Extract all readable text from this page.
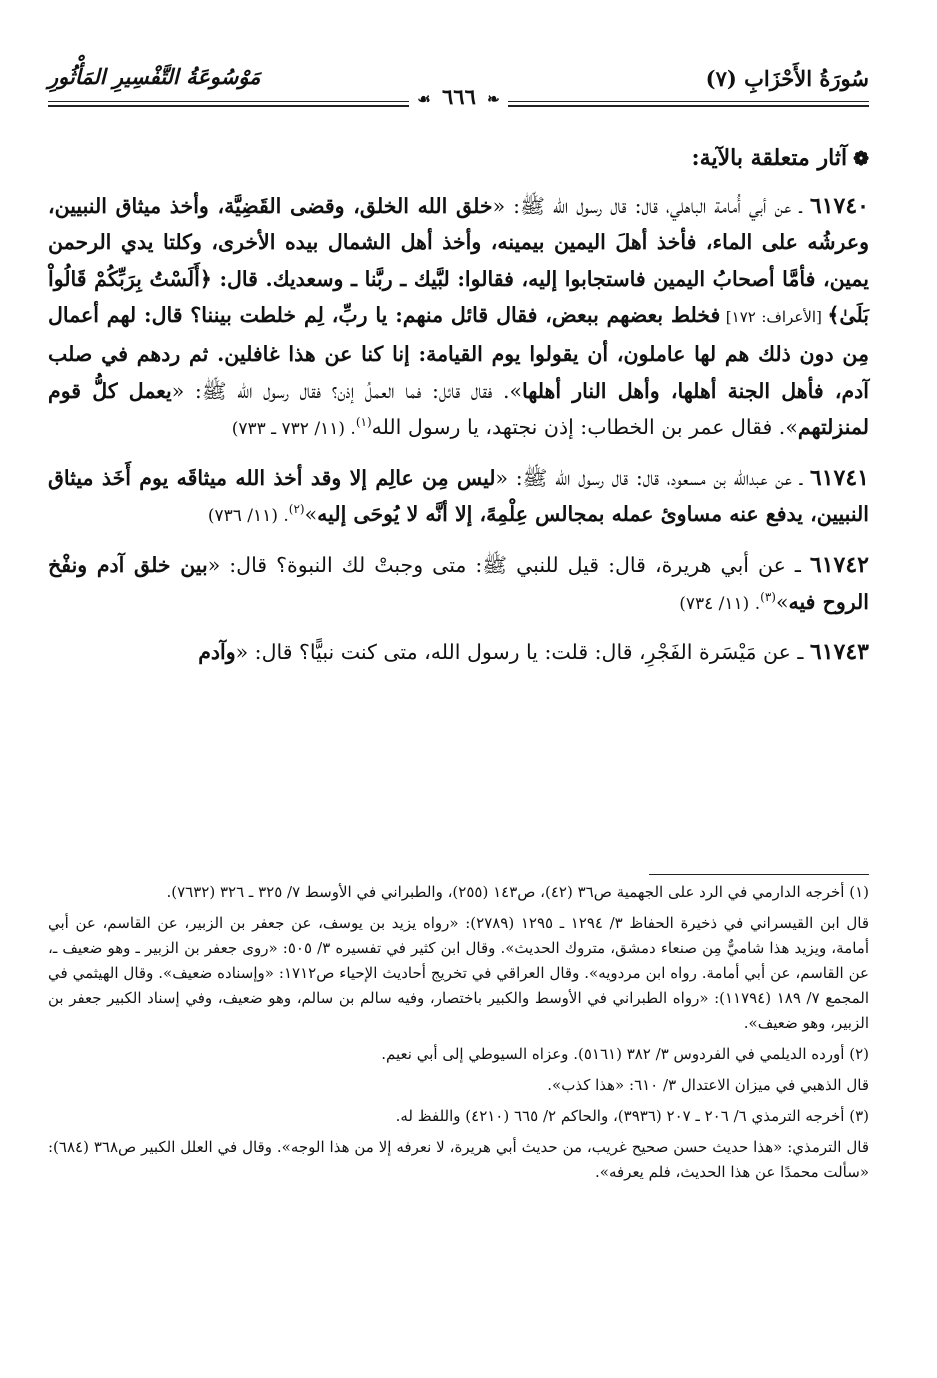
سُورَةُ الأَحْزَابِ (٧)
مَوْسُوعَةُ التَّفْسِيرِ المَأْثُورِ
❧ ٦٦٦ ☙
❁آثار متعلقة بالآية:

٦١٧٤٠ ـ عن أبي أُمامة الباهلي، قال: قال رسول الله ﷺ: «خلق الله الخلق، وقضى القَضِيَّة، وأخذ ميثاق النبيين، وعرشُه على الماء، فأخذ أهلَ اليمين بيمينه، وأخذ أهل الشمال بيده الأخرى، وكلتا يدي الرحمن يمين، فأمَّا أصحابُ اليمين فاستجابوا إليه، فقالوا: لبَّيك ـ ربَّنا ـ وسعديك. قال: ﴿أَلَسْتُ بِرَبِّكُمْ قَالُواْ بَلَىٰ﴾ [الأعراف: ١٧٢] فخلط بعضهم ببعض، فقال قائل منهم: يا ربِّ، لِم خلطت بيننا؟ قال: لهم أعمال مِن دون ذلك هم لها عاملون، أن يقولوا يوم القيامة: إنا كنا عن هذا غافلين. ثم ردهم في صلب آدم، فأهل الجنة أهلها، وأهل النار أهلها». فقال قائل: فما العملُ إذن؟ فقال رسول الله ﷺ: «يعمل كلُّ قوم لمنزلتهم». فقال عمر بن الخطاب: إذن نجتهد، يا رسول الله$^{(١)}$. (١١/ ٧٣٢ ـ ٧٣٣)

٦١٧٤١ ـ عن عبدالله بن مسعود، قال: قال رسول الله ﷺ: «ليس مِن عالِم إلا وقد أخذ الله ميثاقَه يوم أَخَذ ميثاق النبيين، يدفع عنه مساوئ عمله بمجالس عِلْمِهً، إلا أنَّه لا يُوحَى إليه»$^{(٢)}$. (١١/ ٧٣٦)

٦١٧٤٢ ـ عن أبي هريرة، قال: قيل للنبي ﷺ: متى وجبتْ لك النبوة؟ قال: «بين خلق آدم ونفْخ الروح فيه»$^{(٣)}$. (١١/ ٧٣٤)

٦١٧٤٣ ـ عن مَيْسَرة الفَجْرِ، قال: قلت: يا رسول الله، متى كنت نبيًّا؟ قال: «وآدم

(١) أخرجه الدارمي في الرد على الجهمية ص٣٦ (٤٢)، ص١٤٣ (٢٥٥)، والطبراني في الأوسط ٧/ ٣٢٥ ـ ٣٢٦ (٧٦٣٢).

قال ابن القيسراني في ذخيرة الحفاظ ٣/ ١٢٩٤ ـ ١٢٩٥ (٢٧٨٩): «رواه يزيد بن يوسف، عن جعفر بن الزبير، عن القاسم، عن أبي أمامة، ويزيد هذا شاميٌّ مِن صنعاء دمشق، متروك الحديث». وقال ابن كثير في تفسيره ٣/ ٥٠٥: «روى جعفر بن الزبير ـ وهو ضعيف ـ، عن القاسم، عن أبي أمامة. رواه ابن مردويه». وقال العراقي في تخريج أحاديث الإحياء ص١٧١٢: «وإسناده ضعيف». وقال الهيثمي في المجمع ٧/ ١٨٩ (١١٧٩٤): «رواه الطبراني في الأوسط والكبير باختصار، وفيه سالم بن سالم، وهو ضعيف، وفي إسناد الكبير جعفر بن الزبير، وهو ضعيف».

(٢) أورده الديلمي في الفردوس ٣/ ٣٨٢ (٥١٦١). وعزاه السيوطي إلى أبي نعيم.

قال الذهبي في ميزان الاعتدال ٣/ ٦١٠: «هذا كذب».

(٣) أخرجه الترمذي ٦/ ٢٠٦ ـ ٢٠٧ (٣٩٣٦)، والحاكم ٢/ ٦٦٥ (٤٢١٠) واللفظ له.

قال الترمذي: «هذا حديث حسن صحيح غريب، من حديث أبي هريرة، لا نعرفه إلا من هذا الوجه». وقال في العلل الكبير ص٣٦٨ (٦٨٤): «سألت محمدًا عن هذا الحديث، فلم يعرفه».
